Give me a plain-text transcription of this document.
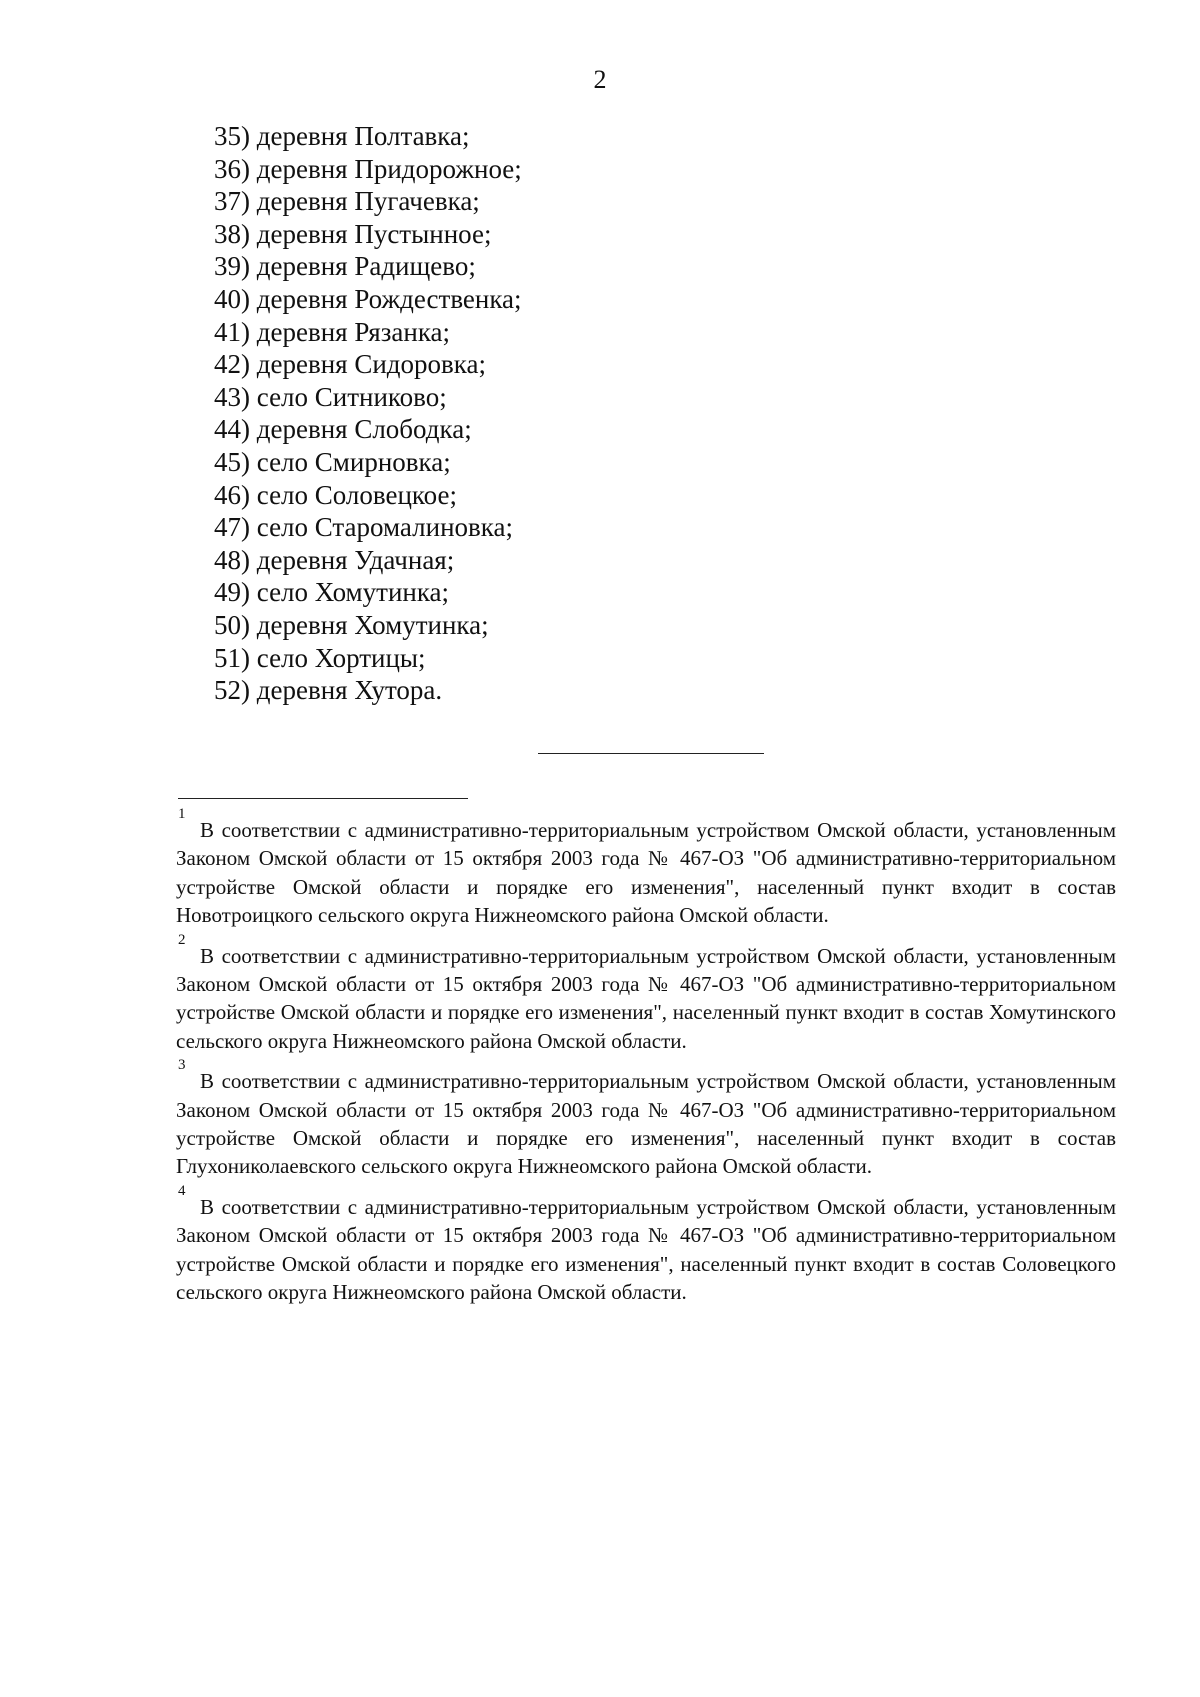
2
35) деревня Полтавка;
36) деревня Придорожное;
37) деревня Пугачевка;
38) деревня Пустынное;
39) деревня Радищево;
40) деревня Рождественка;
41) деревня Рязанка;
42) деревня Сидоровка;
43) село Ситниково;
44) деревня Слободка;
45) село Смирновка;
46) село Соловецкое;
47) село Старомалиновка;
48) деревня Удачная;
49) село Хомутинка;
50) деревня Хомутинка;
51) село Хортицы;
52) деревня Хутора.
1
В соответствии с административно-территориальным устройством Омской области, установленным Законом Омской области от 15 октября 2003 года № 467-ОЗ "Об административно-территориальном устройстве Омской области и порядке его изменения", населенный пункт входит в состав Новотроицкого сельского округа Нижнеомского района Омской области.
2
В соответствии с административно-территориальным устройством Омской области, установленным Законом Омской области от 15 октября 2003 года № 467-ОЗ "Об административно-территориальном устройстве Омской области и порядке его изменения", населенный пункт входит в состав Хомутинского сельского округа Нижнеомского района Омской области.
3
В соответствии с административно-территориальным устройством Омской области, установленным Законом Омской области от 15 октября 2003 года № 467-ОЗ "Об административно-территориальном устройстве Омской области и порядке его изменения", населенный пункт входит в состав Глухониколаевского сельского округа Нижнеомского района Омской области.
4
В соответствии с административно-территориальным устройством Омской области, установленным Законом Омской области от 15 октября 2003 года № 467-ОЗ "Об административно-территориальном устройстве Омской области и порядке его изменения", населенный пункт входит в состав Соловецкого сельского округа Нижнеомского района Омской области.
